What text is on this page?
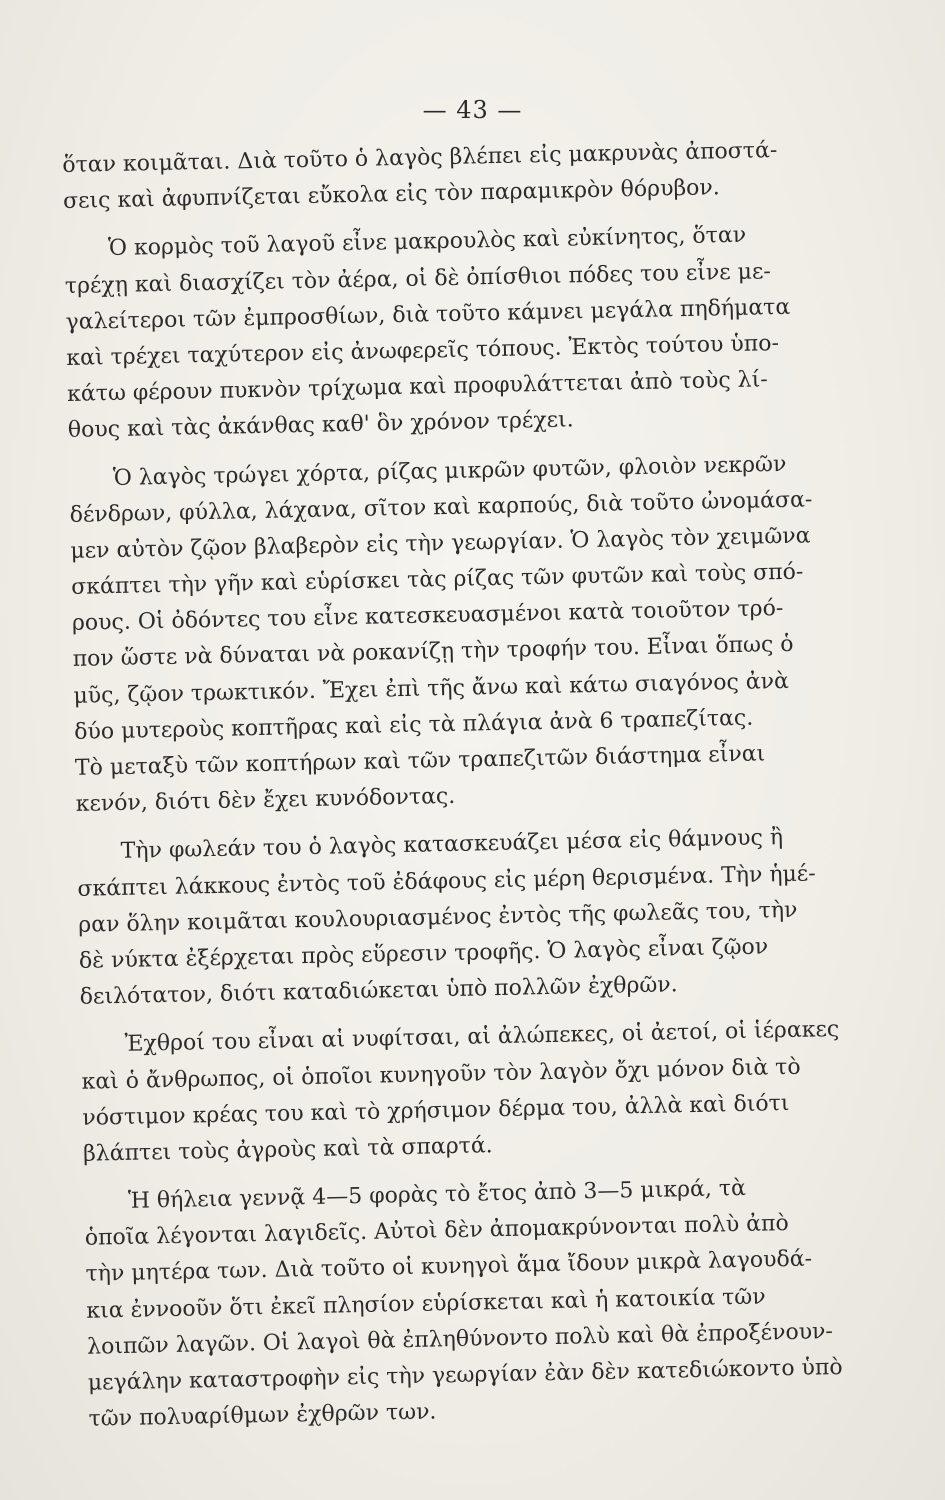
— 43 —
ὅταν κοιμᾶται. Διὰ τοῦτο ὁ λαγὸς βλέπει εἰς μακρυνὰς ἀποστά-
σεις καὶ ἀφυπνίζεται εὔκολα εἰς τὸν παραμικρὸν θόρυβον.
Ὁ κορμὸς τοῦ λαγοῦ εἶνε μακρουλὸς καὶ εὐκίνητος, ὅταν
τρέχῃ καὶ διασχίζει τὸν ἀέρα, οἱ δὲ ὀπίσθιοι πόδες του εἶνε με-
γαλείτεροι τῶν ἐμπροσθίων, διὰ τοῦτο κάμνει μεγάλα πηδήματα
καὶ τρέχει ταχύτερον εἰς ἀνωφερεῖς τόπους. Ἐκτὸς τούτου ὑπο-
κάτω φέρουν πυκνὸν τρίχωμα καὶ προφυλάττεται ἀπὸ τοὺς λί-
θους καὶ τὰς ἀκάνθας καθ' ὃν χρόνον τρέχει.
Ὁ λαγὸς τρώγει χόρτα, ρίζας μικρῶν φυτῶν, φλοιὸν νεκρῶν
δένδρων, φύλλα, λάχανα, σῖτον καὶ καρπούς, διὰ τοῦτο ὠνομάσα-
μεν αὐτὸν ζῷον βλαβερὸν εἰς τὴν γεωργίαν. Ὁ λαγὸς τὸν χειμῶνα
σκάπτει τὴν γῆν καὶ εὑρίσκει τὰς ρίζας τῶν φυτῶν καὶ τοὺς σπό-
ρους. Οἱ ὀδόντες του εἶνε κατεσκευασμένοι κατὰ τοιοῦτον τρό-
πον ὥστε νὰ δύναται νὰ ροκανίζῃ τὴν τροφήν του. Εἶναι ὅπως ὁ
μῦς, ζῷον τρωκτικόν. Ἔχει ἐπὶ τῆς ἄνω καὶ κάτω σιαγόνος ἀνὰ
δύο μυτεροὺς κοπτῆρας καὶ εἰς τὰ πλάγια ἀνὰ 6 τραπεζίτας.
Τὸ μεταξὺ τῶν κοπτήρων καὶ τῶν τραπεζιτῶν διάστημα εἶναι
κενόν, διότι δὲν ἔχει κυνόδοντας.
Τὴν φωλεάν του ὁ λαγὸς κατασκευάζει μέσα εἰς θάμνους ἢ
σκάπτει λάκκους ἐντὸς τοῦ ἐδάφους εἰς μέρη θερισμένα. Τὴν ἡμέ-
ραν ὅλην κοιμᾶται κουλουριασμένος ἐντὸς τῆς φωλεᾶς του, τὴν
δὲ νύκτα ἐξέρχεται πρὸς εὕρεσιν τροφῆς. Ὁ λαγὸς εἶναι ζῷον
δειλότατον, διότι καταδιώκεται ὑπὸ πολλῶν ἐχθρῶν.
Ἐχθροί του εἶναι αἱ νυφίτσαι, αἱ ἀλώπεκες, οἱ ἀετοί, οἱ ἱέρακες
καὶ ὁ ἄνθρωπος, οἱ ὁποῖοι κυνηγοῦν τὸν λαγὸν ὄχι μόνον διὰ τὸ
νόστιμον κρέας του καὶ τὸ χρήσιμον δέρμα του, ἀλλὰ καὶ διότι
βλάπτει τοὺς ἀγροὺς καὶ τὰ σπαρτά.
Ἡ θήλεια γεννᾷ 4—5 φορὰς τὸ ἔτος ἀπὸ 3—5 μικρά, τὰ
ὁποῖα λέγονται λαγιδεῖς. Αὐτοὶ δὲν ἀπομακρύνονται πολὺ ἀπὸ
τὴν μητέρα των. Διὰ τοῦτο οἱ κυνηγοὶ ἅμα ἴδουν μικρὰ λαγουδά-
κια ἐννοοῦν ὅτι ἐκεῖ πλησίον εὑρίσκεται καὶ ἡ κατοικία τῶν
λοιπῶν λαγῶν. Οἱ λαγοὶ θὰ ἐπληθύνοντο πολὺ καὶ θὰ ἐπροξένουν-
μεγάλην καταστροφὴν εἰς τὴν γεωργίαν ἐὰν δὲν κατεδιώκοντο ὑπὸ
τῶν πολυαρίθμων ἐχθρῶν των.
